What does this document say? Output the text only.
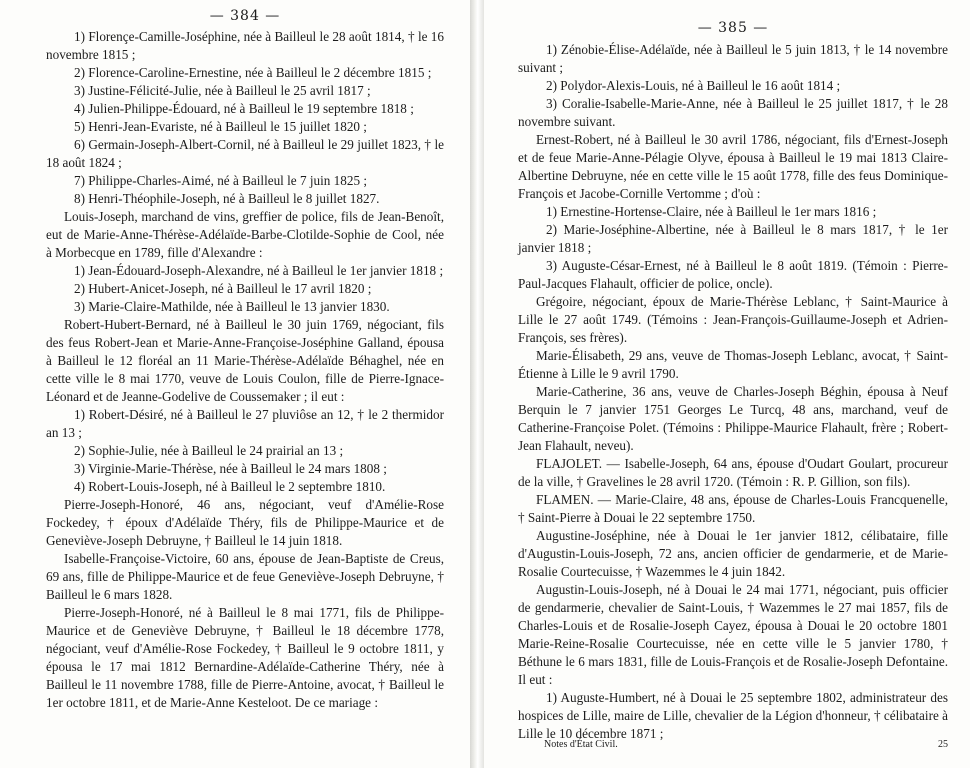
— 384 —

1) Florençe-Camille-Joséphine, née à Bailleul le 28 août 1814, † le 16 novembre 1815 ;

2) Florence-Caroline-Ernestine, née à Bailleul le 2 décembre 1815 ;

3) Justine-Félicité-Julie, née à Bailleul le 25 avril 1817 ;

4) Julien-Philippe-Édouard, né à Bailleul le 19 septembre 1818 ;

5) Henri-Jean-Evariste, né à Bailleul le 15 juillet 1820 ;

6) Germain-Joseph-Albert-Cornil, né à Bailleul le 29 juillet 1823, † le 18 août 1824 ;

7) Philippe-Charles-Aimé, né à Bailleul le 7 juin 1825 ;

8) Henri-Théophile-Joseph, né à Bailleul le 8 juillet 1827.

Louis-Joseph, marchand de vins, greffier de police, fils de Jean-Benoît, eut de Marie-Anne-Thérèse-Adélaïde-Barbe-Clotilde-Sophie de Cool, née à Morbecque en 1789, fille d'Alexandre :

1) Jean-Édouard-Joseph-Alexandre, né à Bailleul le 1er janvier 1818 ;

2) Hubert-Anicet-Joseph, né à Bailleul le 17 avril 1820 ;

3) Marie-Claire-Mathilde, née à Bailleul le 13 janvier 1830.

Robert-Hubert-Bernard, né à Bailleul le 30 juin 1769, négociant, fils des feus Robert-Jean et Marie-Anne-Françoise-Joséphine Galland, épousa à Bailleul le 12 floréal an 11 Marie-Thérèse-Adélaïde Béhaghel, née en cette ville le 8 mai 1770, veuve de Louis Coulon, fille de Pierre-Ignace-Léonard et de Jeanne-Godelive de Coussemaker ; il eut :

1) Robert-Désiré, né à Bailleul le 27 pluviôse an 12, † le 2 thermidor an 13 ;

2) Sophie-Julie, née à Bailleul le 24 prairial an 13 ;

3) Virginie-Marie-Thérèse, née à Bailleul le 24 mars 1808 ;

4) Robert-Louis-Joseph, né à Bailleul le 2 septembre 1810.

Pierre-Joseph-Honoré, 46 ans, négociant, veuf d'Amélie-Rose Fockedey, † époux d'Adélaïde Théry, fils de Philippe-Maurice et de Geneviève-Joseph Debruyne, † Bailleul le 14 juin 1818.

Isabelle-Françoise-Victoire, 60 ans, épouse de Jean-Baptiste de Creus, 69 ans, fille de Philippe-Maurice et de feue Geneviève-Joseph Debruyne, † Bailleul le 6 mars 1828.

Pierre-Joseph-Honoré, né à Bailleul le 8 mai 1771, fils de Philippe-Maurice et de Geneviève Debruyne, † Bailleul le 18 décembre 1778, négociant, veuf d'Amélie-Rose Fockedey, † Bailleul le 9 octobre 1811, y épousa le 17 mai 1812 Bernardine-Adélaïde-Catherine Théry, née à Bailleul le 11 novembre 1788, fille de Pierre-Antoine, avocat, † Bailleul le 1er octobre 1811, et de Marie-Anne Kesteloot. De ce mariage :

— 385 —

1) Zénobie-Élise-Adélaïde, née à Bailleul le 5 juin 1813, † le 14 novembre suivant ;

2) Polydor-Alexis-Louis, né à Bailleul le 16 août 1814 ;

3) Coralie-Isabelle-Marie-Anne, née à Bailleul le 25 juillet 1817, † le 28 novembre suivant.

Ernest-Robert, né à Bailleul le 30 avril 1786, négociant, fils d'Ernest-Joseph et de feue Marie-Anne-Pélagie Olyve, épousa à Bailleul le 19 mai 1813 Claire-Albertine Debruyne, née en cette ville le 15 août 1778, fille des feus Dominique-François et Jacobe-Cornille Vertomme ; d'où :

1) Ernestine-Hortense-Claire, née à Bailleul le 1er mars 1816 ;

2) Marie-Joséphine-Albertine, née à Bailleul le 8 mars 1817, † le 1er janvier 1818 ;

3) Auguste-César-Ernest, né à Bailleul le 8 août 1819. (Témoin : Pierre-Paul-Jacques Flahault, officier de police, oncle).

Grégoire, négociant, époux de Marie-Thérèse Leblanc, † Saint-Maurice à Lille le 27 août 1749. (Témoins : Jean-François-Guillaume-Joseph et Adrien-François, ses frères).

Marie-Élisabeth, 29 ans, veuve de Thomas-Joseph Leblanc, avocat, † Saint-Étienne à Lille le 9 avril 1790.

Marie-Catherine, 36 ans, veuve de Charles-Joseph Béghin, épousa à Neuf Berquin le 7 janvier 1751 Georges Le Turcq, 48 ans, marchand, veuf de Catherine-Françoise Polet. (Témoins : Philippe-Maurice Flahault, frère ; Robert-Jean Flahault, neveu).

FLAJOLET. — Isabelle-Joseph, 64 ans, épouse d'Oudart Goulart, procureur de la ville, † Gravelines le 28 avril 1720. (Témoin : R. P. Gillion, son fils).

FLAMEN. — Marie-Claire, 48 ans, épouse de Charles-Louis Francquenelle, † Saint-Pierre à Douai le 22 septembre 1750.

Augustine-Joséphine, née à Douai le 1er janvier 1812, célibataire, fille d'Augustin-Louis-Joseph, 72 ans, ancien officier de gendarmerie, et de Marie-Rosalie Courtecuisse, † Wazemmes le 4 juin 1842.

Augustin-Louis-Joseph, né à Douai le 24 mai 1771, négociant, puis officier de gendarmerie, chevalier de Saint-Louis, † Wazemmes le 27 mai 1857, fils de Charles-Louis et de Rosalie-Joseph Cayez, épousa à Douai le 20 octobre 1801 Marie-Reine-Rosalie Courtecuisse, née en cette ville le 5 janvier 1780, † Béthune le 6 mars 1831, fille de Louis-François et de Rosalie-Joseph Defontaine. Il eut :

1) Auguste-Humbert, né à Douai le 25 septembre 1802, administrateur des hospices de Lille, maire de Lille, chevalier de la Légion d'honneur, † célibataire à Lille le 10 décembre 1871 ;

Notes d'État Civil.	25
